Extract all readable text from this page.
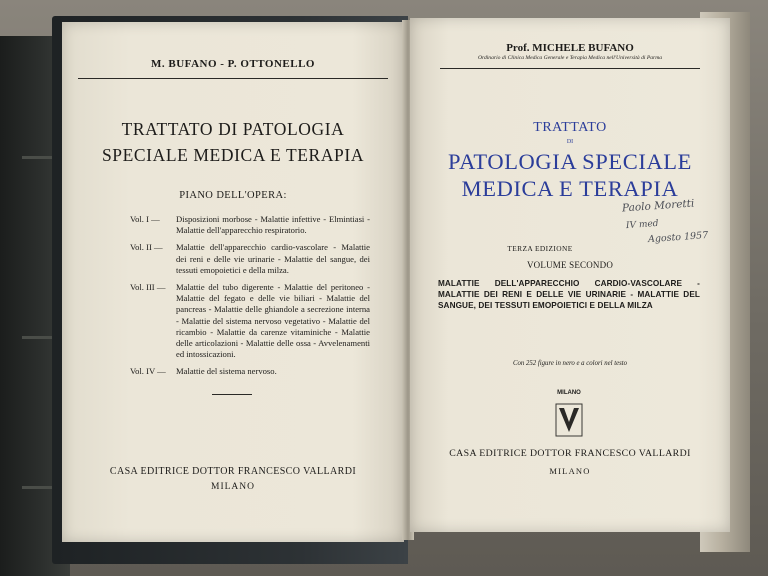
M. BUFANO - P. OTTONELLO
TRATTATO DI PATOLOGIA
SPECIALE MEDICA E TERAPIA
PIANO DELL'OPERA:
Vol. I —	Disposizioni morbose - Malattie infettive - Elmintiasi - Malattie dell'apparecchio respiratorio.
Vol. II —	Malattie dell'apparecchio cardio-vascolare - Malattie dei reni e delle vie urinarie - Malattie del sangue, dei tessuti emopoietici e della milza.
Vol. III —	Malattie del tubo digerente - Malattie del peritoneo - Malattie del fegato e delle vie biliari - Malattie del pancreas - Malattie delle ghiandole a secrezione interna - Malattie del sistema nervoso vegetativo - Malattie del ricambio - Malattie da carenze vitaminiche - Malattie delle articolazioni - Malattie delle ossa - Avvelenamenti ed intossicazioni.
Vol. IV —	Malattie del sistema nervoso.
CASA EDITRICE DOTTOR FRANCESCO VALLARDI
MILANO
Prof. MICHELE BUFANO
Ordinario di Clinica Medica Generale e Terapia Medica nell'Università di Parma
TRATTATO
DI
PATOLOGIA SPECIALE
MEDICA E TERAPIA
TERZA EDIZIONE
VOLUME SECONDO
MALATTIE DELL'APPARECCHIO CARDIO-VASCOLARE - MALATTIE DEI RENI E DELLE VIE URINARIE - MALATTIE DEL SANGUE, DEI TESSUTI EMOPOIETICI E DELLA MILZA
Con 252 figure in nero e a colori nel testo
MILANO
CASA EDITRICE DOTTOR FRANCESCO VALLARDI
MILANO
Paolo Moretti
IV med
Agosto 1957
